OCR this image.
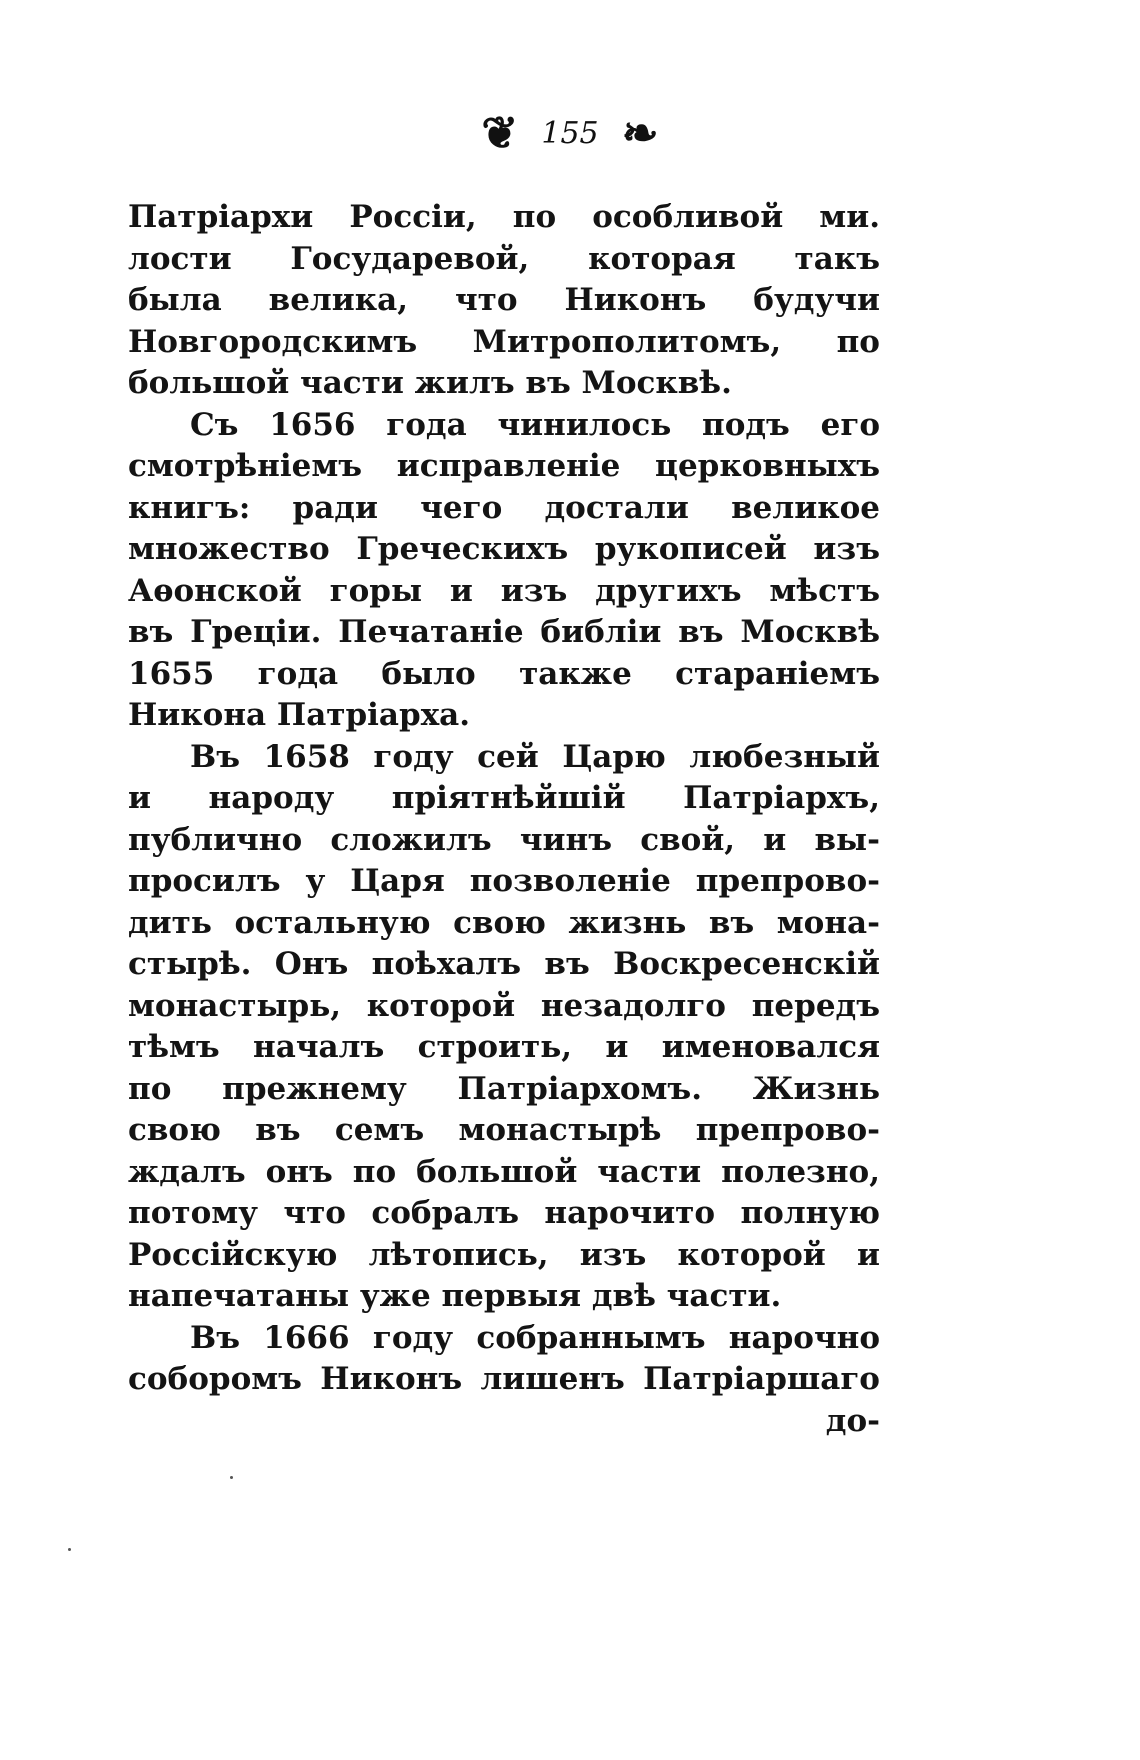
❦ 155 ❧
Патріархи Россіи, по особливой ми.
лости Государевой, которая такъ
была велика, что Никонъ будучи
Новгородскимъ Митрополитомъ, по
большой части жилъ въ Москвѣ.
Съ 1656 года чинилось подъ его
смотрѣніемъ исправленіе церковныхъ
книгъ: ради чего достали великое
множество Греческихъ рукописей изъ
Аѳонской горы и изъ другихъ мѣстъ
въ Греціи. Печатаніе библіи въ Москвѣ
1655 года было также стараніемъ
Никона Патріарха.
Въ 1658 году сей Царю любезный
и народу пріятнѣйшій Патріархъ,
публично сложилъ чинъ свой, и вы-
просилъ у Царя позволеніе препрово-
дить остальную свою жизнь въ мона-
стырѣ. Онъ поѣхалъ въ Воскресенскій
монастырь, которой незадолго передъ
тѣмъ началъ строить, и именовался
по прежнему Патріархомъ. Жизнь
свою въ семъ монастырѣ препрово-
ждалъ онъ по большой части полезно,
потому что собралъ нарочито полную
Россійскую лѣтопись, изъ которой и
напечатаны уже первыя двѣ части.
Въ 1666 году собраннымъ нарочно
соборомъ Никонъ лишенъ Патріаршаго
до-
